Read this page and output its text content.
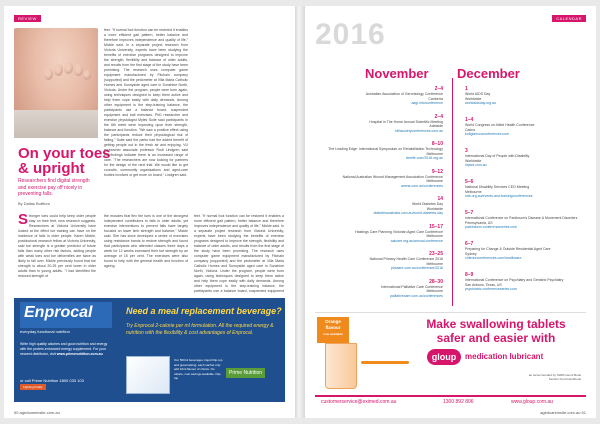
REVIEW
On your toes
& upright
Researchers find digital strength and exercise pay off nicely in preventing falls.
By Dallas Buttfurn
Stronger toes could help keep older people stay on their feet, new research suggests. Researchers at Victoria University have looked at the effect toe training can have on the incidence of falls in older people. Karen Mickle, postdoctoral research fellow at Victoria University, said toe strength is a greater predictor of future falls than many other risk factors, adding people with weak toes and toe deformities are twice as likely to fall over. Mickle previously found that toe strength is about 20-25 per cent lower in older adults than in young adults. "I had identified the reduced strength of
the muscles that flex the toes is one of the strongest independent contributors to falls in older adults, yet exercise interventions to prevent falls have largely focused on lower limb strength and balance," Mickle said. She has since developed a series of exercises using resistance bands to restore strength and found that participants who attended classes three days a week for 12 weeks increased their toe strength by an average of 15 per cent. The exercises were also found to help with the general health and function of ageing
feet. "If normal foot function can be restored it enables a more efficient gait pattern, better balance and therefore improves independence and quality of life," Mickle said. In a separate project research from Victoria University, experts have been studying the benefits of exercise programs designed to improve the strength, flexibility and balance of older adults, and results from the first stage of the study have been promising. The research uses computer game equipment manufactured by Fitchain company (supported) and the pedometer at Villa Maria Catholic Homes and Sunnyside aged care in Sunshine North, Victoria. Under the program, people were born again, using techniques designed to keep them active and help them cope easily with daily demands. Among other equipment is the step-training balance, the participants use a balance board, suspended equipment and ball exercises. PhD researcher and exercise physiologist Myles Suite said participants in the 6th week were improving upon their strength, balance and function. "We saw a positive effect using the participants reduce their physiological risk of falling," Suite said the parks had the added benefit of getting people out in the fresh air and enjoying. VU researcher associate professor Rudi Lindgren said the findings indicate there is an increased range of care. "The researchers are now looking for partners for the design of the next trial. We would like to get councils, community organisations and aged-care bodies involved or get more on board," Lindgren said.
feet. "If normal foot function can be restored it enables a more efficient gait pattern, better balance and therefore improves independence and quality of life," Mickle said. In a separate project research from Victoria University, experts have been studying the benefits of exercise programs designed to improve the strength, flexibility and balance of older adults, and results from the first stage of the study have been promising. The research uses computer game equipment manufactured by Fitchain company (supported) and the pedometer at Villa Maria Catholic Homes and Sunnyside aged care in Sunshine North, Victoria. Under the program, people were born again, using techniques designed to keep them active and help them cope easily with daily demands. Among other equipment is the step-training balance, the participants use a balance board, suspended equipment
Enprocal
everyday functional nutrition
Write high quality calories and good nutrition and energy with the protein-enhanced energy supplement. For your nearest distributor, visit www.primenutrition.com.au
or call Prime Nutrition 1800 033 103
Need a meal replacement beverage?
Try Enprocal 2-calorie per ml formulation. All the required energy & nutrition with the flexibility & cost advantages of Enprocal.
Our 500ml beverages, liquid Flip-top and great tasting, each sachet only add 10ml flavour of choice. No calorie, cost savings-available. Flip-top
Prime Nutrition
Fighting Frailty
50 agedcareinsite.com.au
CALENDAR
2016
November December
2–4
Australian Association of Gerontology Conference
Canberra
aagi.info/conference
2–4
Hospital in The Home Annual Scientific Meeting
Adelaide
hithsocietyconferences.com.au
8–10
The Leading Edge: International Symposium on Rehabilitation Technology
Melbourne
treelfe.com/2016.org.au
9–12
National Australian Wound Management Association Conference
Melbourne
awma.com.au/conferences
14
World Diabetes Day
Worldwide
diabetesaustralia.com.au/world-diabetes-day
15–17
Hastings Care Planning Victorian Aged Care Conference
Melbourne
aalcare.org.au/annual-conference
23–25
National Primary Health Care Conference 2016
Melbourne
phcaare.com.au/conference/2016
28–30
International Palliative Care Conference
Melbourne
palliativecare.com.au/conferences
1
World AIDS Day
Worldwide
worldaidsday.org.au
1–4
World Congress on Allied Health Conference
Cairns
kofiglanvcoconferences.com
3
International Day of People with Disability
Worldwide
idpwd.com.au
5–6
National Disability Services CEO Meeting
Melbourne
nds.org.au/events-and-training/conferences
5–7
International Conference on Parkinson's Disease & Movement Disorders
Pennsylvania, US
parkinsons.conferenceseries.com
6–7
Preparing for Change & Outside Residential Aged Care
Sydney
criterionconferences.com/healthcare
8–9
International Conference on Psychiatry and Geriatric Psychiatry
San Antonio, Texas, US
psychiatric.conferenceseries.com
Orange
flavour
now available
Make swallowing tablets
safer and easier with
gloup	medication lubricant
as recommended by SHPA Gems Book Section Fund Handbook
customerservice@eximed.com.au	1300 892 806	www.gloup.com.au
agedcareinsite.com.au 51
